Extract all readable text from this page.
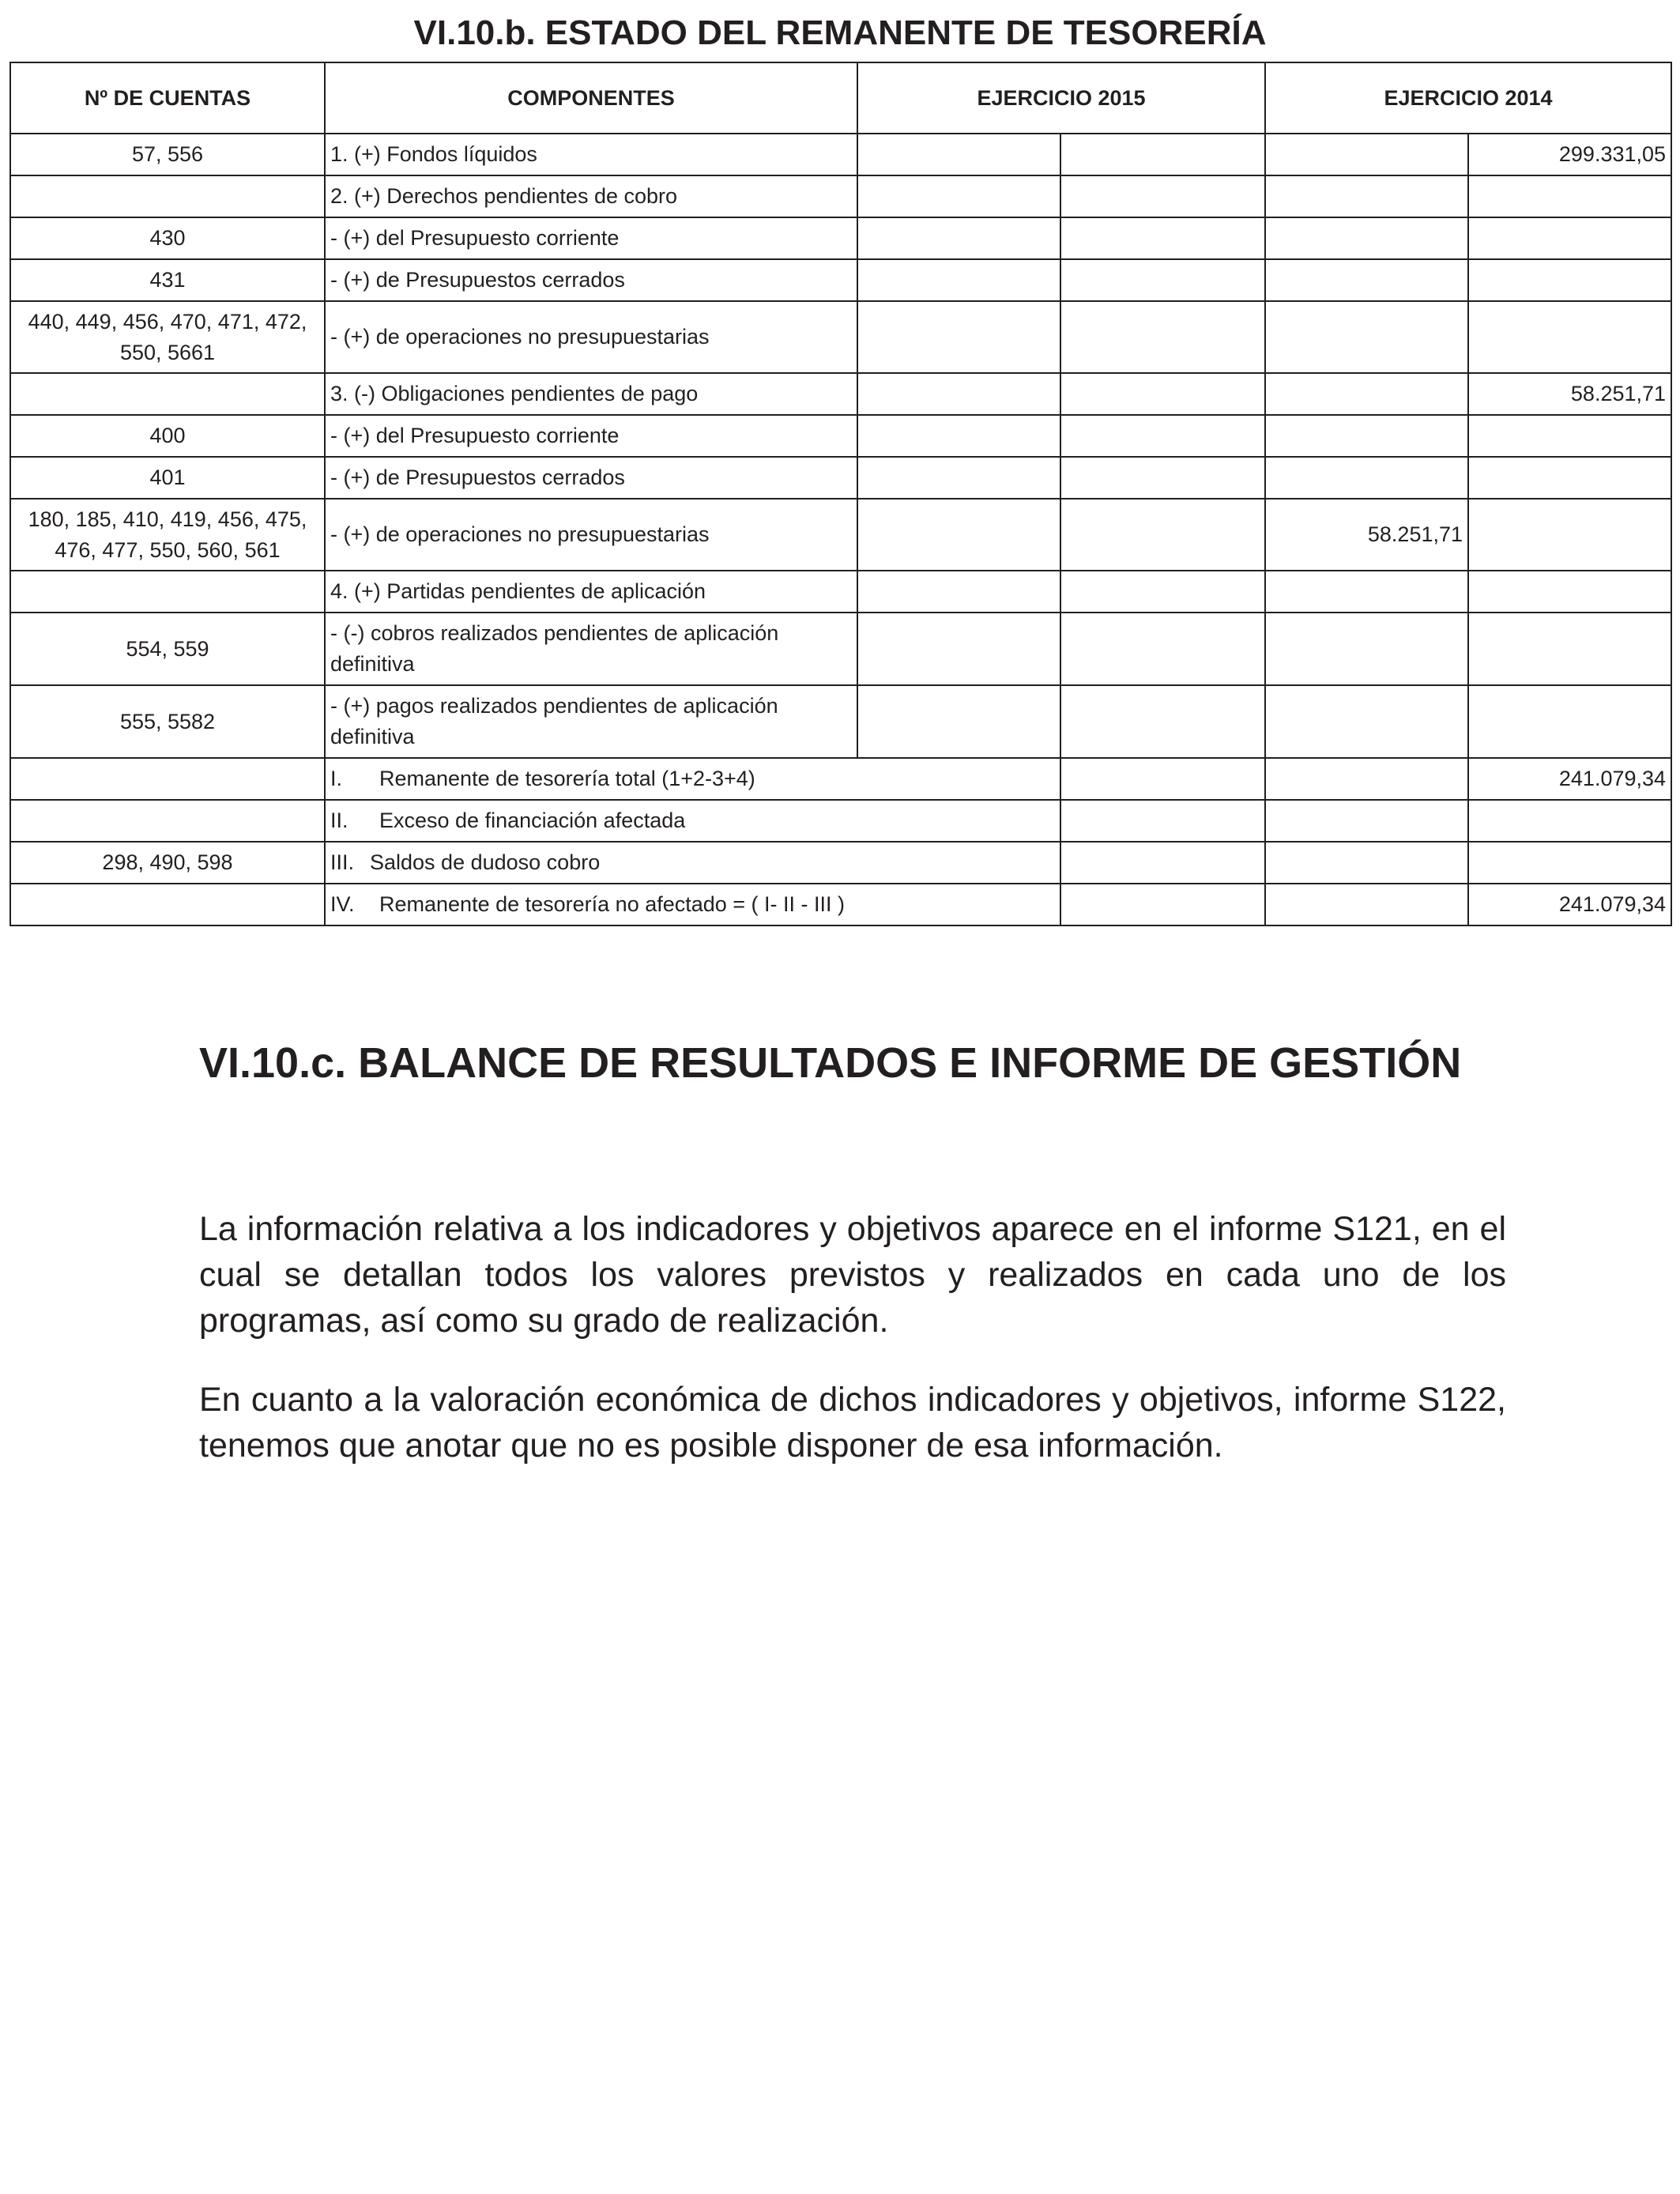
VI.10.b. ESTADO DEL REMANENTE DE TESORERÍA
Nº DE CUENTAS	COMPONENTES	EJERCICIO 2015		EJERCICIO 2014	
57, 556	1. (+) Fondos líquidos				299.331,05
	2. (+) Derechos pendientes de cobro				
430	- (+) del Presupuesto corriente				
431	- (+) de Presupuestos cerrados				
440, 449, 456, 470, 471, 472, 550, 5661	- (+) de operaciones no presupuestarias				
	3. (-) Obligaciones pendientes de pago				58.251,71
400	- (+) del Presupuesto corriente				
401	- (+) de Presupuestos cerrados				
180, 185, 410, 419, 456, 475, 476, 477, 550, 560, 561	- (+) de operaciones no presupuestarias			58.251,71	
	4. (+) Partidas pendientes de aplicación				
554, 559	- (-) cobros realizados pendientes de aplicación definitiva				
555, 5582	- (+) pagos realizados pendientes de aplicación definitiva				
	I. Remanente de tesorería total (1+2-3+4)				241.079,34
	II. Exceso de financiación afectada				
298, 490, 598	III. Saldos de dudoso cobro				
	IV. Remanente de tesorería no afectado = ( I- II - III )				241.079,34
VI.10.c. BALANCE DE RESULTADOS E INFORME DE GESTIÓN

La información relativa a los indicadores y objetivos aparece en el informe S121, en el cual se detallan todos los valores previstos y realizados en cada uno de los programas, así como su grado de realización.

En cuanto a la valoración económica de dichos indicadores y objetivos, informe S122, tenemos que anotar que no es posible disponer de esa información.
